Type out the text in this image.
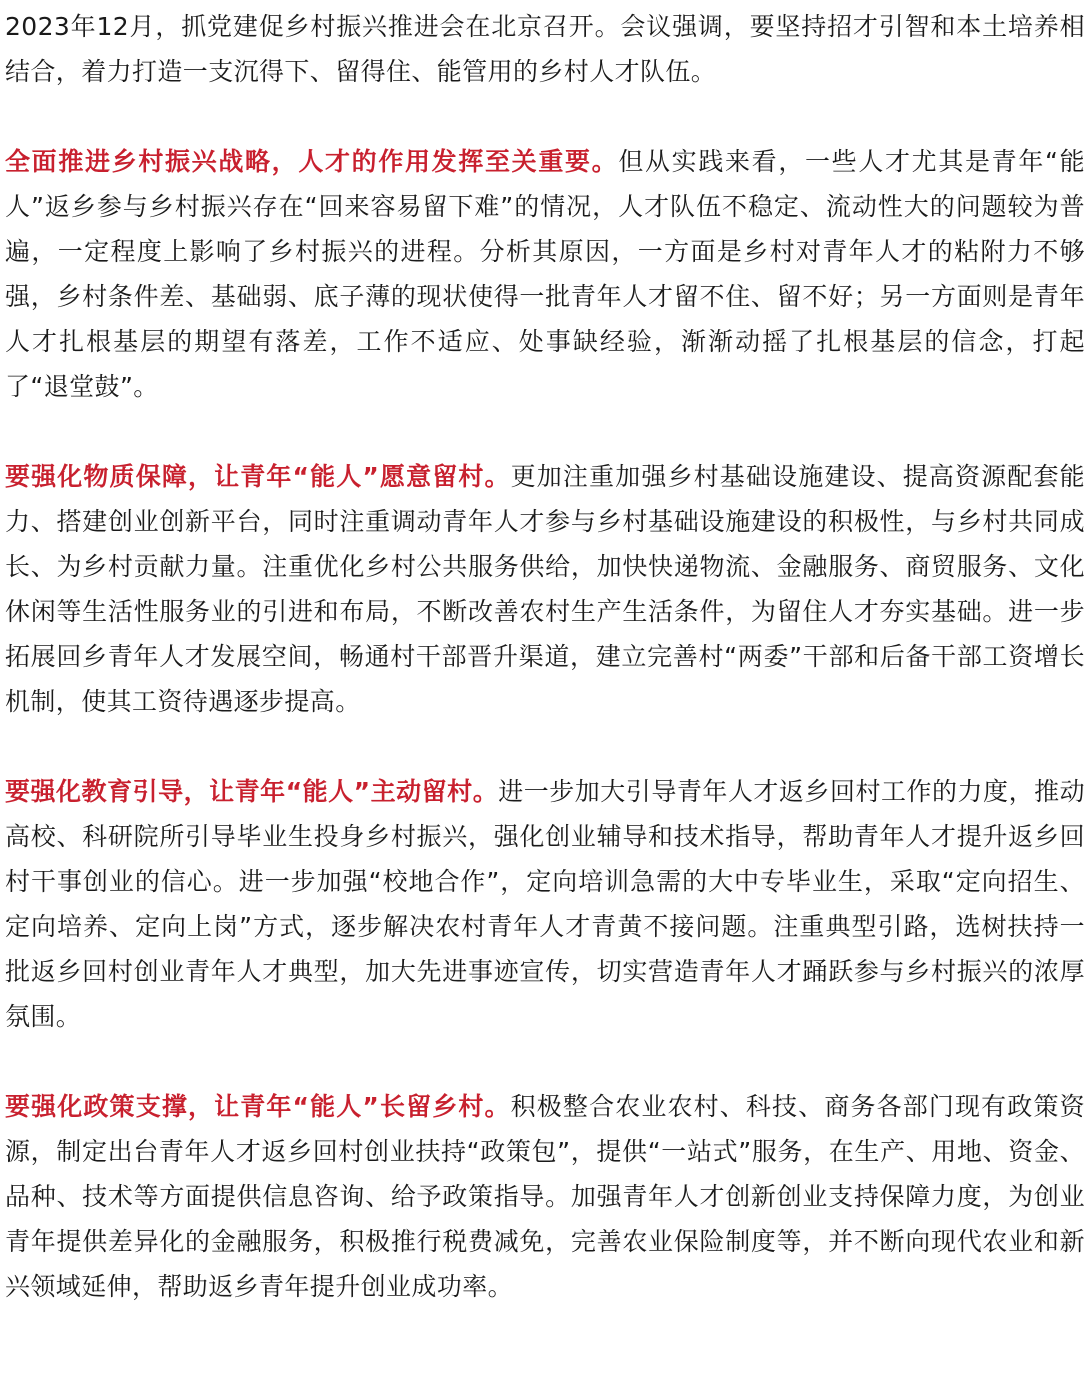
2023年12月，抓党建促乡村振兴推进会在北京召开。会议强调，要坚持招才引智和本土培养相结合，着力打造一支沉得下、留得住、能管用的乡村人才队伍。

全面推进乡村振兴战略，人才的作用发挥至关重要。但从实践来看，一些人才尤其是青年“能人”返乡参与乡村振兴存在“回来容易留下难”的情况，人才队伍不稳定、流动性大的问题较为普遍，一定程度上影响了乡村振兴的进程。分析其原因，一方面是乡村对青年人才的粘附力不够强，乡村条件差、基础弱、底子薄的现状使得一批青年人才留不住、留不好；另一方面则是青年人才扎根基层的期望有落差，工作不适应、处事缺经验，渐渐动摇了扎根基层的信念，打起了“退堂鼓”。

要强化物质保障，让青年“能人”愿意留村。更加注重加强乡村基础设施建设、提高资源配套能力、搭建创业创新平台，同时注重调动青年人才参与乡村基础设施建设的积极性，与乡村共同成长、为乡村贡献力量。注重优化乡村公共服务供给，加快快递物流、金融服务、商贸服务、文化休闲等生活性服务业的引进和布局，不断改善农村生产生活条件，为留住人才夯实基础。进一步拓展回乡青年人才发展空间，畅通村干部晋升渠道，建立完善村“两委”干部和后备干部工资增长机制，使其工资待遇逐步提高。

要强化教育引导，让青年“能人”主动留村。进一步加大引导青年人才返乡回村工作的力度，推动高校、科研院所引导毕业生投身乡村振兴，强化创业辅导和技术指导，帮助青年人才提升返乡回村干事创业的信心。进一步加强“校地合作”，定向培训急需的大中专毕业生，采取“定向招生、定向培养、定向上岗”方式，逐步解决农村青年人才青黄不接问题。注重典型引路，选树扶持一批返乡回村创业青年人才典型，加大先进事迹宣传，切实营造青年人才踊跃参与乡村振兴的浓厚氛围。

要强化政策支撑，让青年“能人”长留乡村。积极整合农业农村、科技、商务各部门现有政策资源，制定出台青年人才返乡回村创业扶持“政策包”，提供“一站式”服务，在生产、用地、资金、品种、技术等方面提供信息咨询、给予政策指导。加强青年人才创新创业支持保障力度，为创业青年提供差异化的金融服务，积极推行税费减免，完善农业保险制度等，并不断向现代农业和新兴领域延伸，帮助返乡青年提升创业成功率。
